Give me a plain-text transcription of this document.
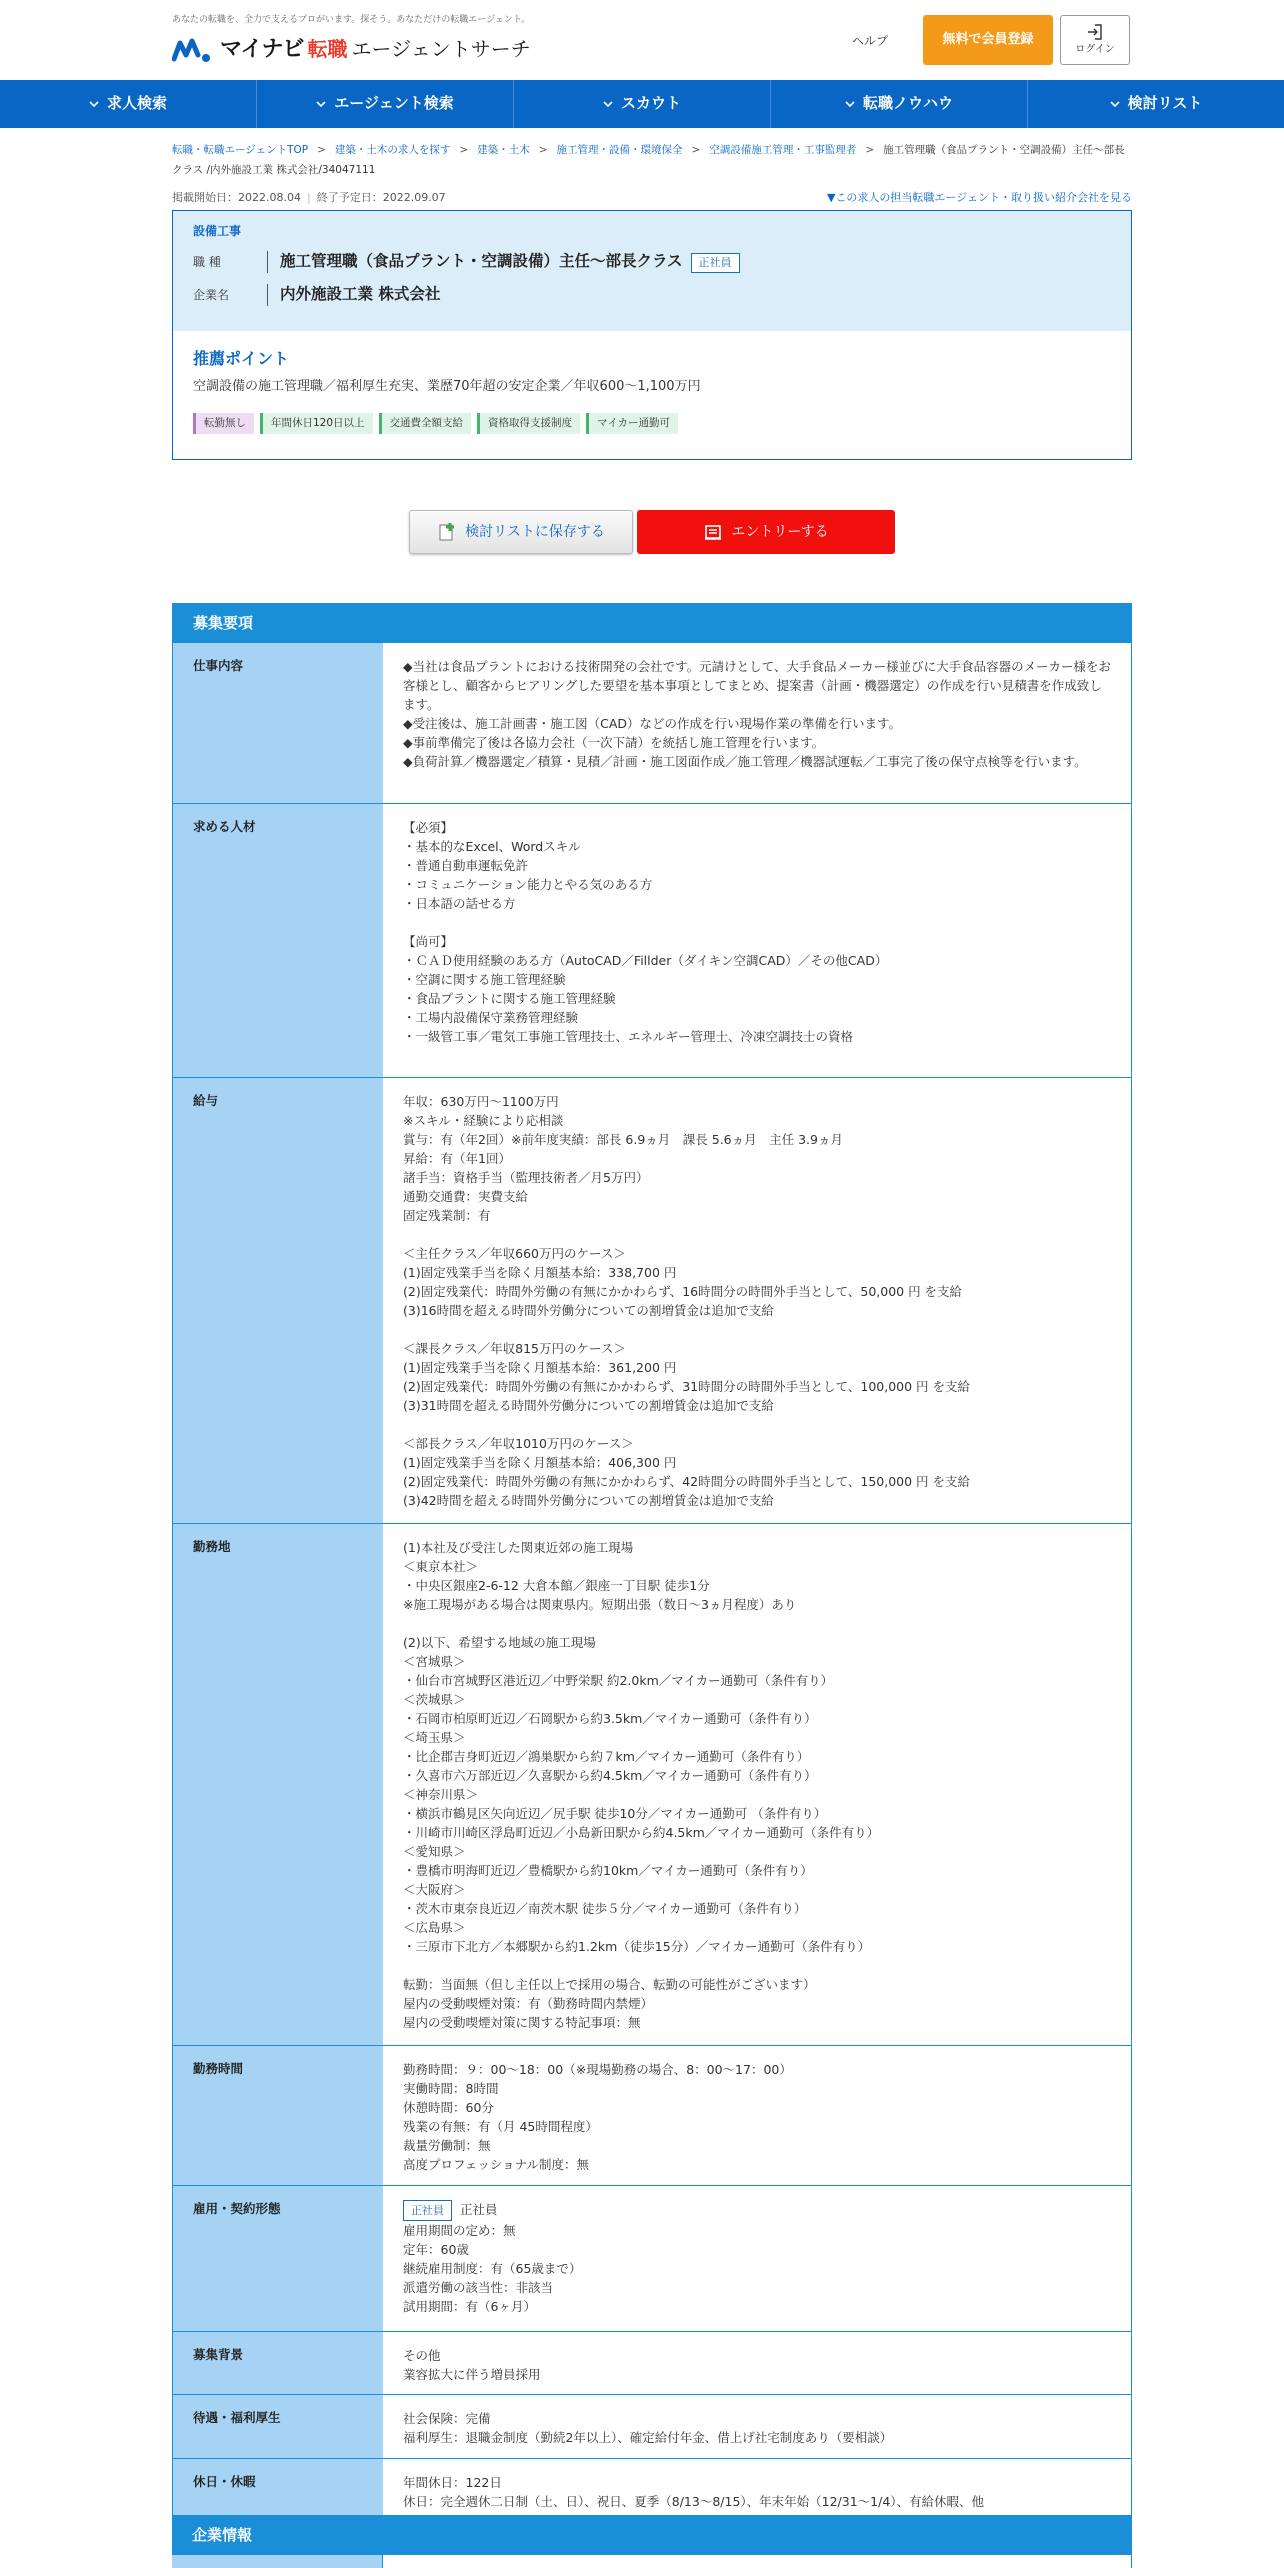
あなたの転職を、全力で支えるプロがいます。探そう。あなただけの転職エージェント。
マイナビ 転職 エージェントサーチ	ヘルプ	無料で会員登録
ログイン
求人検索	エージェント検索	スカウト	転職ノウハウ	検討リスト
転職・転職エージェントTOP > 建築・土木の求人を探す > 建築・土木 > 施工管理・設備・環境保全 > 空調設備施工管理・工事監理者 > 施工管理職（食品プラント・空調設備）主任～部長クラス /内外施設工業 株式会社/34047111
掲載開始日：2022.08.04 | 終了予定日：2022.09.07	▼この求人の担当転職エージェント・取り扱い紹介会社を見る
設備工事
職 種	施工管理職（食品プラント・空調設備）主任～部長クラス 正社員
企業名	内外施設工業 株式会社
推薦ポイント
空調設備の施工管理職／福利厚生充実、業歴70年超の安定企業／年収600～1,100万円
転勤無し	年間休日120日以上	交通費全額支給	資格取得支援制度	マイカー通勤可
検討リストに保存する	エントリーする
募集要項
仕事内容	◆当社は食品プラントにおける技術開発の会社です。元請けとして、大手食品メーカー様並びに大手食品容器のメーカー様をお客様とし、顧客からヒアリングした要望を基本事項としてまとめ、提案書（計画・機器選定）の作成を行い見積書を作成致します。
◆受注後は、施工計画書・施工図（CAD）などの作成を行い現場作業の準備を行います。
◆事前準備完了後は各協力会社（一次下請）を統括し施工管理を行います。
◆負荷計算／機器選定／積算・見積／計画・施工図面作成／施工管理／機器試運転／工事完了後の保守点検等を行います。
求める人材	【必須】
・基本的なExcel、Wordスキル
・普通自動車運転免許
・コミュニケーション能力とやる気のある方
・日本語の話せる方

【尚可】
・ＣＡＤ使用経験のある方（AutoCAD／Fillder（ダイキン空調CAD）／その他CAD）
・空調に関する施工管理経験
・食品プラントに関する施工管理経験
・工場内設備保守業務管理経験
・一級管工事／電気工事施工管理技士、エネルギー管理士、冷凍空調技士の資格
給与	年収：630万円～1100万円
※スキル・経験により応相談
賞与：有（年2回）※前年度実績：部長 6.9ヵ月　課長 5.6ヵ月　主任 3.9ヵ月
昇給：有（年1回）
諸手当：資格手当（監理技術者／月5万円）
通勤交通費：実費支給
固定残業制：有

＜主任クラス／年収660万円のケース＞
(1)固定残業手当を除く月額基本給：338,700 円
(2)固定残業代：時間外労働の有無にかかわらず、16時間分の時間外手当として、50,000 円 を支給
(3)16時間を超える時間外労働分についての割増賃金は追加で支給

＜課長クラス／年収815万円のケース＞
(1)固定残業手当を除く月額基本給：361,200 円
(2)固定残業代：時間外労働の有無にかかわらず、31時間分の時間外手当として、100,000 円 を支給
(3)31時間を超える時間外労働分についての割増賃金は追加で支給

＜部長クラス／年収1010万円のケース＞
(1)固定残業手当を除く月額基本給：406,300 円
(2)固定残業代：時間外労働の有無にかかわらず、42時間分の時間外手当として、150,000 円 を支給
(3)42時間を超える時間外労働分についての割増賃金は追加で支給
勤務地	(1)本社及び受注した関東近郊の施工現場
＜東京本社＞
・中央区銀座2-6-12 大倉本館／銀座一丁目駅 徒歩1分
※施工現場がある場合は関東県内。短期出張（数日～3ヵ月程度）あり

(2)以下、希望する地域の施工現場
＜宮城県＞
・仙台市宮城野区港近辺／中野栄駅 約2.0km／マイカー通勤可（条件有り）
＜茨城県＞
・石岡市柏原町近辺／石岡駅から約3.5km／マイカー通勤可（条件有り）
＜埼玉県＞
・比企郡吉身町近辺／鴻巣駅から約７km／マイカー通勤可（条件有り）
・久喜市六万部近辺／久喜駅から約4.5km／マイカー通勤可（条件有り）
＜神奈川県＞
・横浜市鶴見区矢向近辺／尻手駅 徒歩10分／マイカー通勤可 （条件有り）
・川崎市川崎区浮島町近辺／小島新田駅から約4.5km／マイカー通勤可（条件有り）
＜愛知県＞
・豊橋市明海町近辺／豊橋駅から約10km／マイカー通勤可（条件有り）
＜大阪府＞
・茨木市東奈良近辺／南茨木駅 徒歩５分／マイカー通勤可（条件有り）
＜広島県＞
・三原市下北方／本郷駅から約1.2km（徒歩15分）／マイカー通勤可（条件有り）

転勤：当面無（但し主任以上で採用の場合、転勤の可能性がございます）
屋内の受動喫煙対策：有（勤務時間内禁煙）
屋内の受動喫煙対策に関する特記事項：無
勤務時間	勤務時間：９：00～18：00（※現場勤務の場合、8：00～17：00）
実働時間：8時間
休憩時間：60分
残業の有無：有（月 45時間程度）
裁量労働制：無
高度プロフェッショナル制度：無
雇用・契約形態	正社員 正社員
雇用期間の定め：無
定年：60歳
継続雇用制度：有（65歳まで）
派遣労働の該当性：非該当
試用期間：有（6ヶ月）
募集背景	その他
業容拡大に伴う増員採用
待遇・福利厚生	社会保険：完備
福利厚生：退職金制度（勤続2年以上）、確定給付年金、借上げ社宅制度あり（要相談）
休日・休暇	年間休日：122日
休日：完全週休二日制（土、日）、祝日、夏季（8/13～8/15）、年末年始（12/31～1/4）、有給休暇、他
企業情報
